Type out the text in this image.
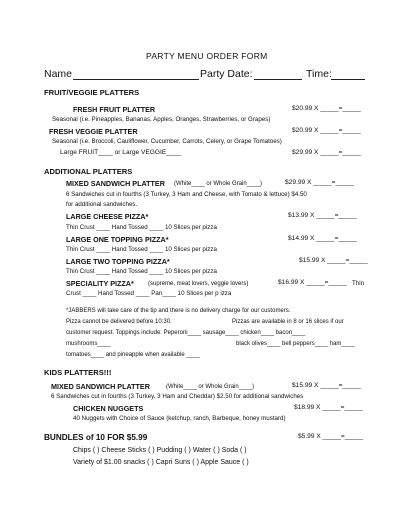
PARTY MENU ORDER FORM
Name	Party Date:	Time:
FRUIT/VEGGIE PLATTERS
FRESH FRUIT PLATTER	$20.99 X _____=_____
Seasonal (i.e. Pineapples, Bananas, Apples, Oranges, Strawberries, or Grapes)
FRESH VEGGIE PLATTER	$20.99 X _____=_____
Seasonal (i.e. Broccoli, Cauliflower, Cucumber, Carrots, Celery, or Grape Tomatoes)
Large FRUIT____ or Large VEGGIE____	$29.99 X _____=_____
ADDITIONAL PLATTERS
MIXED SANDWICH PLATTER (White____ or Whole Grain____)	$29.99 X _____=_____
6 Sandwiches cut in fourths (3 Turkey, 3 Ham and Cheese, with Tomato & lettuce) $4.50
for additional sandwiches.
LARGE CHEESE PIZZA*	$13.99 X _____=_____
Thin Crust ____ Hand Tossed ____ 10 Slices per pizza
LARGE ONE TOPPING PIZZA*	$14.99 X _____=_____
Thin Crust ____ Hand Tossed ____ 10 Slices per pizza
LARGE TWO TOPPING PIZZA*	$15.99 X _____=_____
Thin Crust ____ Hand Tossed ____ 10 Slices per pizza
SPECIALITY PIZZA* (supreme, meat lovers, veggie lovers)	$16.99 X _____=_____ Thin
Crust ____ Hand Tossed ____ Pan____ 10 Slices per p izza
*JABBERS will take care of the tip and there is no delivery charge for our customers.
Pizza cannot be delivered before 10:30.	Pizzas are available in 8 or 16 slices if our
customer request. Toppings include: Peperoni____ sausage____ chicken____ bacon____
mushrooms____	black olives____ bell peppers____ ham____
tomatoes____ and pineapple when available ____
KIDS PLATTERS!!!
MIXED SANDWICH PLATTER	(White____ or Whole Grain____)	$15.99 X _____=_____
6 Sandwiches cut in fourths (3 Turkey, 3 Ham and Cheddar) $2.50 for additional sandwiches
CHICKEN NUGGETS	$18.99 X _____=_____
40 Nuggets with Choice of Sauce (ketchup, ranch, Barbeque, honey mustard)
BUNDLES of 10 FOR $5.99	$5.99 X _____=_____
Chips ( ) Cheese Sticks ( ) Pudding ( ) Water ( ) Soda ( )
Variety of $1.00 snacks ( ) Capri Suns ( ) Apple Sauce ( )
